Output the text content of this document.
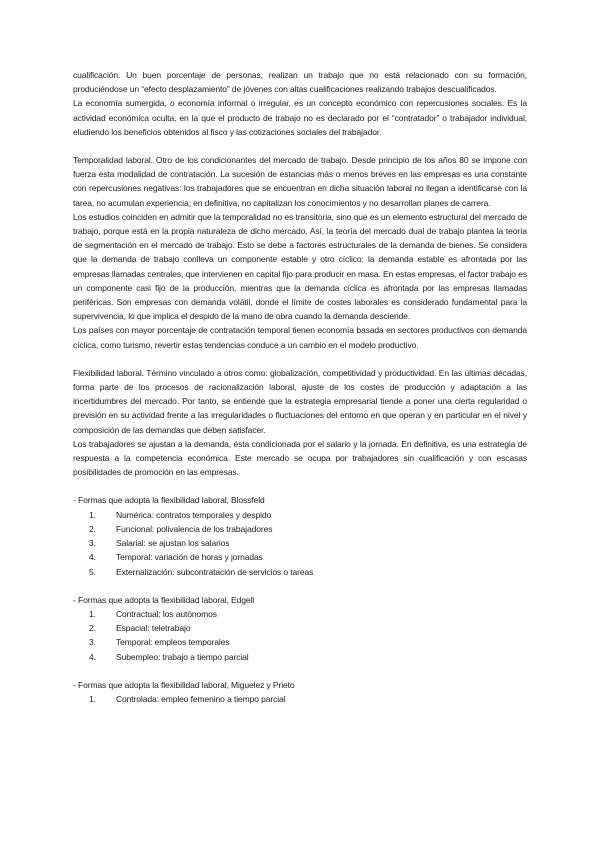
cualificación. Un buen porcentaje de personas, realizan un trabajo que no está relacionado con su formación, produciéndose un “efecto desplazamiento” de jóvenes con altas cualificaciones realizando trabajos descualificados.

La economía sumergida, o economía informal o irregular, es un concepto económico con repercusiones sociales. Es la actividad económica oculta, en la que el producto de trabajo no es declarado por el “contratador” o trabajador individual, eludiendo los beneficios obtenidos al fisco y las cotizaciones sociales del trabajador.

Temporalidad laboral. Otro de los condicionantes del mercado de trabajo. Desde principio de los años 80 se impone con fuerza esta modalidad de contratación. La sucesión de estancias más o menos breves en las empresas es una constante con repercusiones negativas: los trabajadores que se encuentran en dicha situación laboral no llegan a identificarse con la tarea, no acumulan experiencia; en definitiva, no capitalizan los conocimientos y no desarrollan planes de carrera.

Los estudios coinciden en admitir que la temporalidad no es transitoria, sino que es un elemento estructural del mercado de trabajo, porque está en la propia naturaleza de dicho mercado. Así, la teoría del mercado dual de trabajo plantea la teoría de segmentación en el mercado de trabajo. Esto se debe a factores estructurales de la demanda de bienes. Se considera que la demanda de trabajo conlleva un componente estable y otro cíclico: la demanda estable es afrontada por las empresas llamadas centrales, que intervienen en capital fijo para producir en masa. En estas empresas, el factor trabajo es un componente casi fijo de la producción, mientras que la demanda cíclica es afrontada por las empresas llamadas periféricas. Son empresas con demanda volátil, donde el límite de costes laborales es considerado fundamental para la supervivencia, lo que implica el despido de la mano de obra cuando la demanda desciende.

Los países con mayor porcentaje de contratación temporal tienen economía basada en sectores productivos con demanda cíclica, como turismo, revertir estas tendencias conduce a un cambio en el modelo productivo.

Flexibilidad laboral. Término vinculado a otros como: globalización, competitividad y productividad. En las últimas décadas, forma parte de los procesos de racionalización laboral, ajuste de los costes de producción y adaptación a las incertidumbres del mercado. Por tanto, se entiende que la estrategia empresarial tiende a poner una cierta regularidad o previsión en su actividad frente a las irregularidades o fluctuaciones del entorno en que operan y en particular en el nivel y composición de las demandas que deben satisfacer.

Los trabajadores se ajustan a la demanda, ésta condicionada por el salario y la jornada. En definitiva, es una estrategia de respuesta a la competencia económica. Este mercado se ocupa por trabajadores sin cualificación y con escasas posibilidades de promoción en las empresas.

- Formas que adopta la flexibilidad laboral, Blossfeld

1.	Numérica: contratos temporales y despido
2.	Funcional: polivalencia de los trabajadores
3.	Salarial: se ajustan los salarios
4.	Temporal: variación de horas y jornadas
5.	Externalización: subcontratación de servicios o tareas

- Formas que adopta la flexibilidad laboral, Edgell

1.	Contractual: los autónomos
2.	Espacial: teletrabajo
3.	Temporal: empleos temporales
4.	Subempleo: trabajo a tiempo parcial

- Formas que adopta la flexibilidad laboral, Miguelez y Prieto

1.	Controlada: empleo femenino a tiempo parcial
